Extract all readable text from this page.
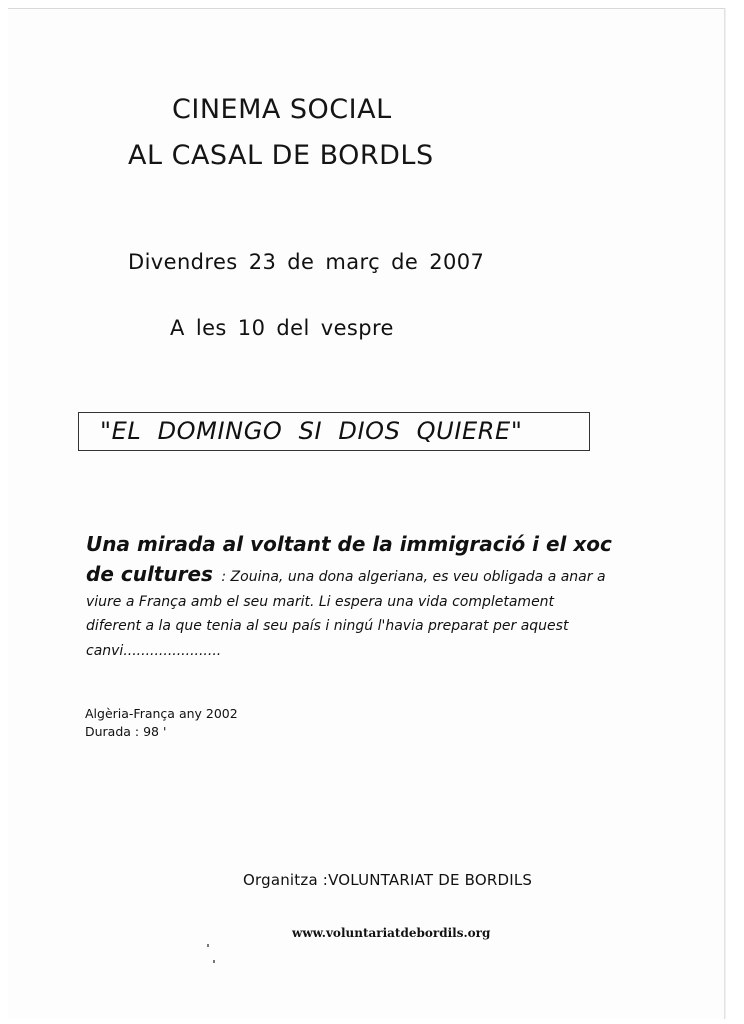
CINEMA SOCIAL
AL CASAL DE BORDLS
Divendres 23 de març de 2007
A les 10 del vespre
"EL DOMINGO SI DIOS QUIERE"
Una mirada al voltant de la immigració i el xoc
de cultures : Zouina, una dona algeriana, es veu obligada a anar a viure a França amb el seu marit. Li espera una vida completament diferent a la que tenia al seu país i ningú l'havia preparat per aquest canvi......................
Algèria-França any 2002
Durada : 98 '
Organitza :VOLUNTARIAT DE BORDILS
www.voluntariatdebordils.org
